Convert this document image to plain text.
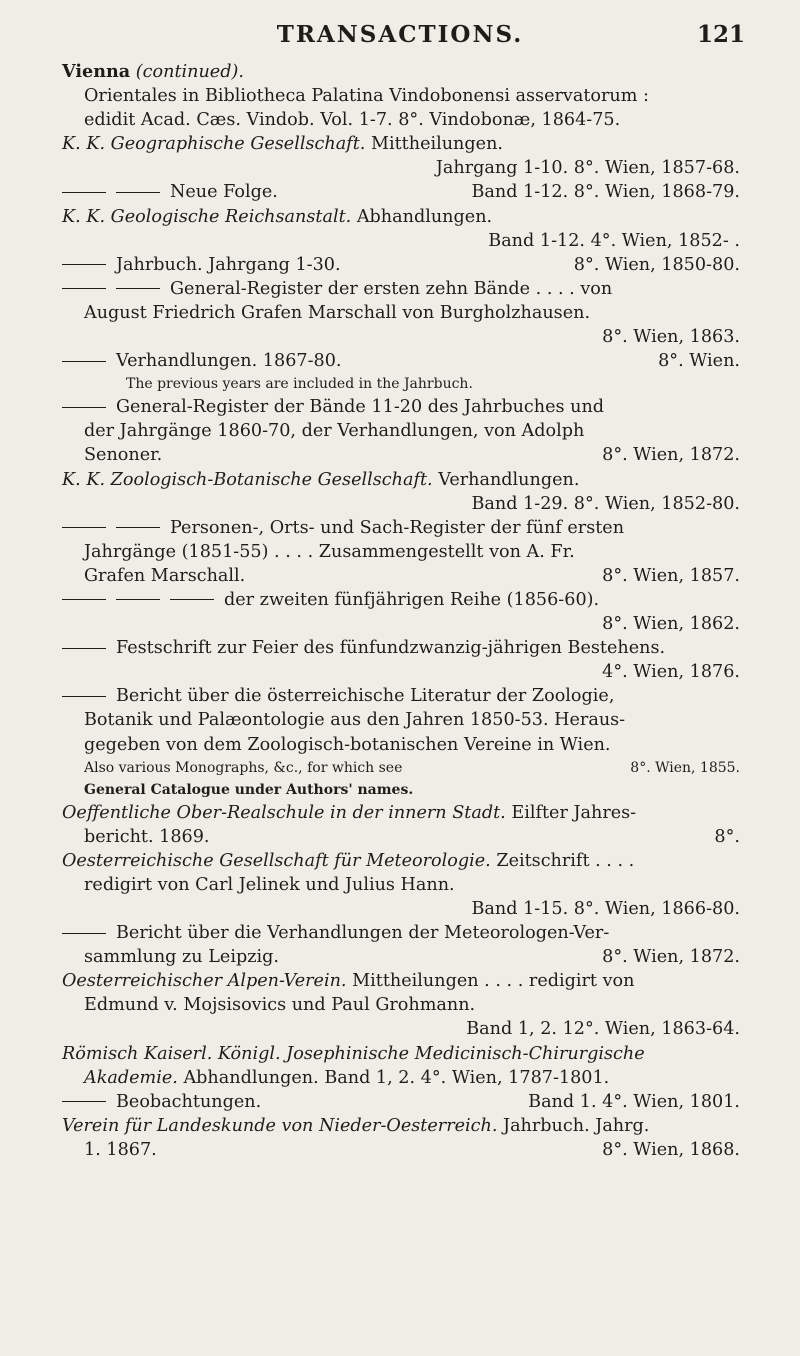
TRANSACTIONS.	121
Vienna (continued).
Orientales in Bibliotheca Palatina Vindobonensi asservatorum :
edidit Acad. Cæs. Vindob. Vol. 1-7. 8°. Vindobonæ, 1864-75.
K. K. Geographische Gesellschaft. Mittheilungen.
Jahrgang 1-10. 8°. Wien, 1857-68.
Neue Folge.	Band 1-12. 8°. Wien, 1868-79.
K. K. Geologische Reichsanstalt. Abhandlungen.
Band 1-12. 4°. Wien, 1852- .
Jahrbuch. Jahrgang 1-30.	8°. Wien, 1850-80.
General-Register der ersten zehn Bände . . . . von
August Friedrich Grafen Marschall von Burgholzhausen.
8°. Wien, 1863.
Verhandlungen. 1867-80.	8°. Wien.
The previous years are included in the Jahrbuch.
General-Register der Bände 11-20 des Jahrbuches und
der Jahrgänge 1860-70, der Verhandlungen, von Adolph
Senoner.	8°. Wien, 1872.
K. K. Zoologisch-Botanische Gesellschaft. Verhandlungen.
Band 1-29. 8°. Wien, 1852-80.
Personen-, Orts- und Sach-Register der fünf ersten
Jahrgänge (1851-55) . . . . Zusammengestellt von A. Fr.
Grafen Marschall.	8°. Wien, 1857.
der zweiten fünfjährigen Reihe (1856-60).
8°. Wien, 1862.
Festschrift zur Feier des fünfundzwanzig-jährigen Bestehens.
4°. Wien, 1876.
Bericht über die österreichische Literatur der Zoologie,
Botanik und Palæontologie aus den Jahren 1850-53. Heraus-
gegeben von dem Zoologisch-botanischen Vereine in Wien.
Also various Monographs, &c., for which see	8°. Wien, 1855.
General Catalogue under Authors' names.
Oeffentliche Ober-Realschule in der innern Stadt. Eilfter Jahres-
bericht. 1869.	8°.
Oesterreichische Gesellschaft für Meteorologie. Zeitschrift . . . .
redigirt von Carl Jelinek und Julius Hann.
Band 1-15. 8°. Wien, 1866-80.
Bericht über die Verhandlungen der Meteorologen-Ver-
sammlung zu Leipzig.	8°. Wien, 1872.
Oesterreichischer Alpen-Verein. Mittheilungen . . . . redigirt von
Edmund v. Mojsisovics und Paul Grohmann.
Band 1, 2. 12°. Wien, 1863-64.
Römisch Kaiserl. Königl. Josephinische Medicinisch-Chirurgische
Akademie. Abhandlungen. Band 1, 2. 4°. Wien, 1787-1801.
Beobachtungen.	Band 1. 4°. Wien, 1801.
Verein für Landeskunde von Nieder-Oesterreich. Jahrbuch. Jahrg.
1. 1867.	8°. Wien, 1868.
